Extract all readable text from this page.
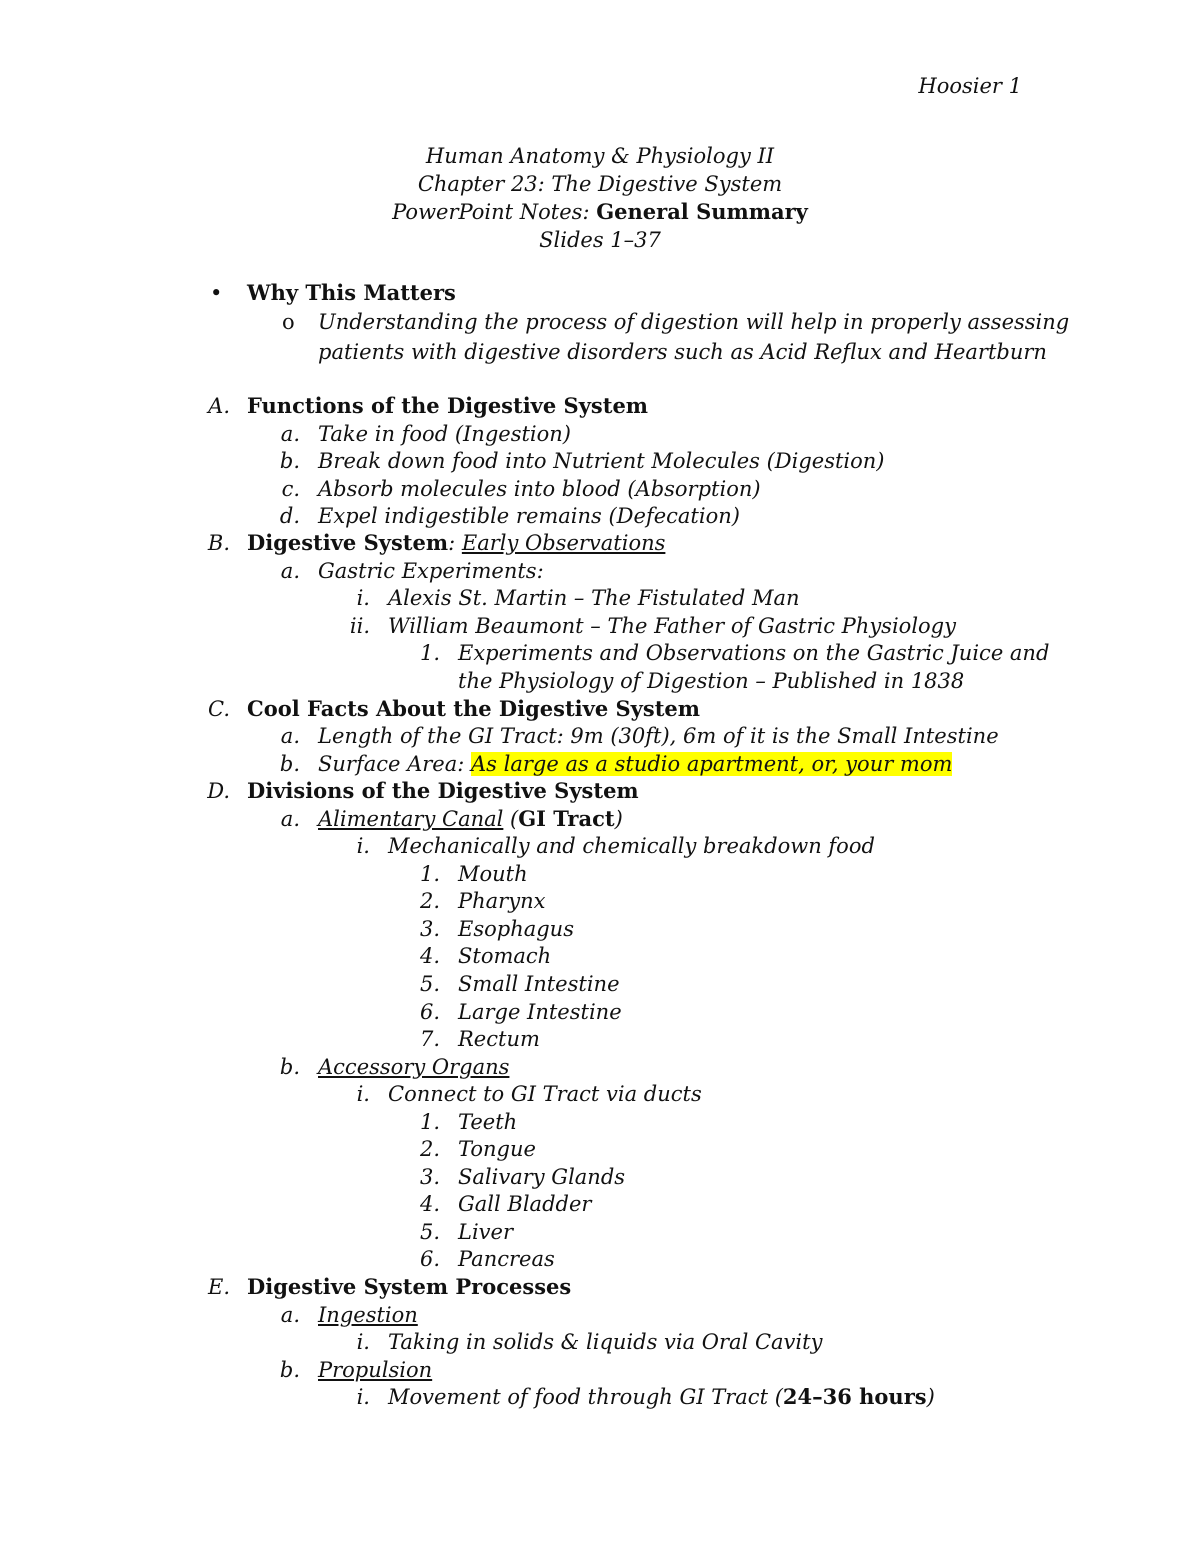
Hoosier 1
Human Anatomy & Physiology II
Chapter 23: The Digestive System
PowerPoint Notes: General Summary
Slides 1–37
• Why This Matters
o Understanding the process of digestion will help in properly assessing
patients with digestive disorders such as Acid Reflux and Heartburn
A. Functions of the Digestive System
a. Take in food (Ingestion)
b. Break down food into Nutrient Molecules (Digestion)
c. Absorb molecules into blood (Absorption)
d. Expel indigestible remains (Defecation)
B. Digestive System: Early Observations
a. Gastric Experiments:
i. Alexis St. Martin – The Fistulated Man
ii. William Beaumont – The Father of Gastric Physiology
1. Experiments and Observations on the Gastric Juice and
the Physiology of Digestion – Published in 1838
C. Cool Facts About the Digestive System
a. Length of the GI Tract: 9m (30ft), 6m of it is the Small Intestine
b. Surface Area: As large as a studio apartment, or, your mom
D. Divisions of the Digestive System
a. Alimentary Canal (GI Tract)
i. Mechanically and chemically breakdown food
1. Mouth
2. Pharynx
3. Esophagus
4. Stomach
5. Small Intestine
6. Large Intestine
7. Rectum
b. Accessory Organs
i. Connect to GI Tract via ducts
1. Teeth
2. Tongue
3. Salivary Glands
4. Gall Bladder
5. Liver
6. Pancreas
E. Digestive System Processes
a. Ingestion
i. Taking in solids & liquids via Oral Cavity
b. Propulsion
i. Movement of food through GI Tract (24–36 hours)
